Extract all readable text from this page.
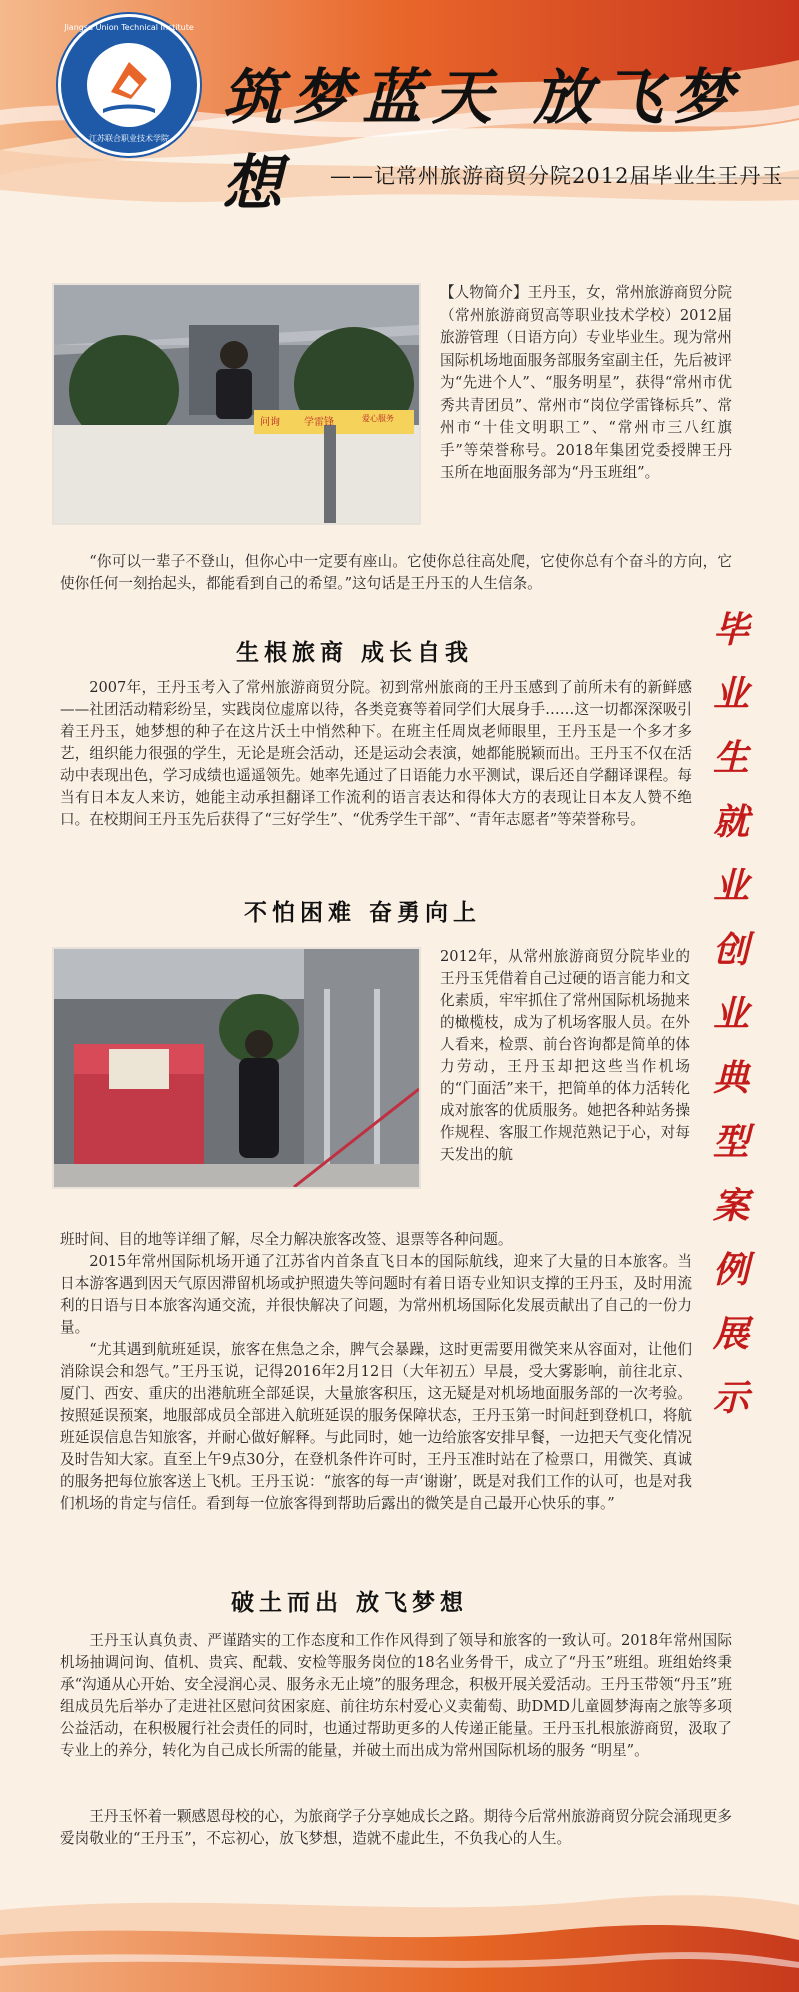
Jiangsu Union Technical Institute
江苏联合职业技术学院
筑梦蓝天 放飞梦想	——记常州旅游商贸分院2012届毕业生王丹玉
问询 学雷锋	爱心服务

【人物简介】王丹玉，女，常州旅游商贸分院（常州旅游商贸高等职业技术学校）2012届旅游管理（日语方向）专业毕业生。现为常州国际机场地面服务部服务室副主任，先后被评为“先进个人”、“服务明星”，获得“常州市优秀共青团员”、常州市“岗位学雷锋标兵”、常州市“十佳文明职工”、“常州市三八红旗手”等荣誉称号。2018年集团党委授牌王丹玉所在地面服务部为“丹玉班组”。

“你可以一辈子不登山，但你心中一定要有座山。它使你总往高处爬，它使你总有个奋斗的方向，它使你任何一刻抬起头，都能看到自己的希望。”这句话是王丹玉的人生信条。

毕
业
生
就
业
创
业
典
型
案
例
展
示
生根旅商 成长自我

2007年，王丹玉考入了常州旅游商贸分院。初到常州旅商的王丹玉感到了前所未有的新鲜感——社团活动精彩纷呈，实践岗位虚席以待，各类竞赛等着同学们大展身手……这一切都深深吸引着王丹玉，她梦想的种子在这片沃土中悄然种下。在班主任周岚老师眼里，王丹玉是一个多才多艺，组织能力很强的学生，无论是班会活动，还是运动会表演，她都能脱颖而出。王丹玉不仅在活动中表现出色，学习成绩也遥遥领先。她率先通过了日语能力水平测试，课后还自学翻译课程。每当有日本友人来访，她能主动承担翻译工作流利的语言表达和得体大方的表现让日本友人赞不绝口。在校期间王丹玉先后获得了“三好学生”、“优秀学生干部”、“青年志愿者”等荣誉称号。

不怕困难 奋勇向上

2012年，从常州旅游商贸分院毕业的王丹玉凭借着自己过硬的语言能力和文化素质，牢牢抓住了常州国际机场抛来的橄榄枝，成为了机场客服人员。在外人看来，检票、前台咨询都是简单的体力劳动，王丹玉却把这些当作机场的“门面活”来干，把简单的体力活转化成对旅客的优质服务。她把各种站务操作规程、客服工作规范熟记于心，对每天发出的航

班时间、目的地等详细了解，尽全力解决旅客改签、退票等各种问题。

2015年常州国际机场开通了江苏省内首条直飞日本的国际航线，迎来了大量的日本旅客。当日本游客遇到因天气原因滞留机场或护照遗失等问题时有着日语专业知识支撑的王丹玉，及时用流利的日语与日本旅客沟通交流，并很快解决了问题，为常州机场国际化发展贡献出了自己的一份力量。

“尤其遇到航班延误，旅客在焦急之余，脾气会暴躁，这时更需要用微笑来从容面对，让他们消除误会和怨气。”王丹玉说，记得2016年2月12日（大年初五）早晨，受大雾影响，前往北京、厦门、西安、重庆的出港航班全部延误，大量旅客积压，这无疑是对机场地面服务部的一次考验。按照延误预案，地服部成员全部进入航班延误的服务保障状态，王丹玉第一时间赶到登机口，将航班延误信息告知旅客，并耐心做好解释。与此同时，她一边给旅客安排早餐，一边把天气变化情况及时告知大家。直至上午9点30分，在登机条件许可时，王丹玉准时站在了检票口，用微笑、真诚的服务把每位旅客送上飞机。王丹玉说：“旅客的每一声‘谢谢’，既是对我们工作的认可，也是对我们机场的肯定与信任。看到每一位旅客得到帮助后露出的微笑是自己最开心快乐的事。”

破土而出 放飞梦想

王丹玉认真负责、严谨踏实的工作态度和工作作风得到了领导和旅客的一致认可。2018年常州国际机场抽调问询、值机、贵宾、配载、安检等服务岗位的18名业务骨干，成立了“丹玉”班组。班组始终秉承“沟通从心开始、安全浸润心灵、服务永无止境”的服务理念，积极开展关爱活动。王丹玉带领“丹玉”班组成员先后举办了走进社区慰问贫困家庭、前往坊东村爱心义卖葡萄、助DMD儿童圆梦海南之旅等多项公益活动，在积极履行社会责任的同时，也通过帮助更多的人传递正能量。王丹玉扎根旅游商贸，汲取了专业上的养分，转化为自己成长所需的能量，并破土而出成为常州国际机场的服务 “明星”。

王丹玉怀着一颗感恩母校的心，为旅商学子分享她成长之路。期待今后常州旅游商贸分院会涌现更多爱岗敬业的“王丹玉”，不忘初心，放飞梦想，造就不虚此生，不负我心的人生。
